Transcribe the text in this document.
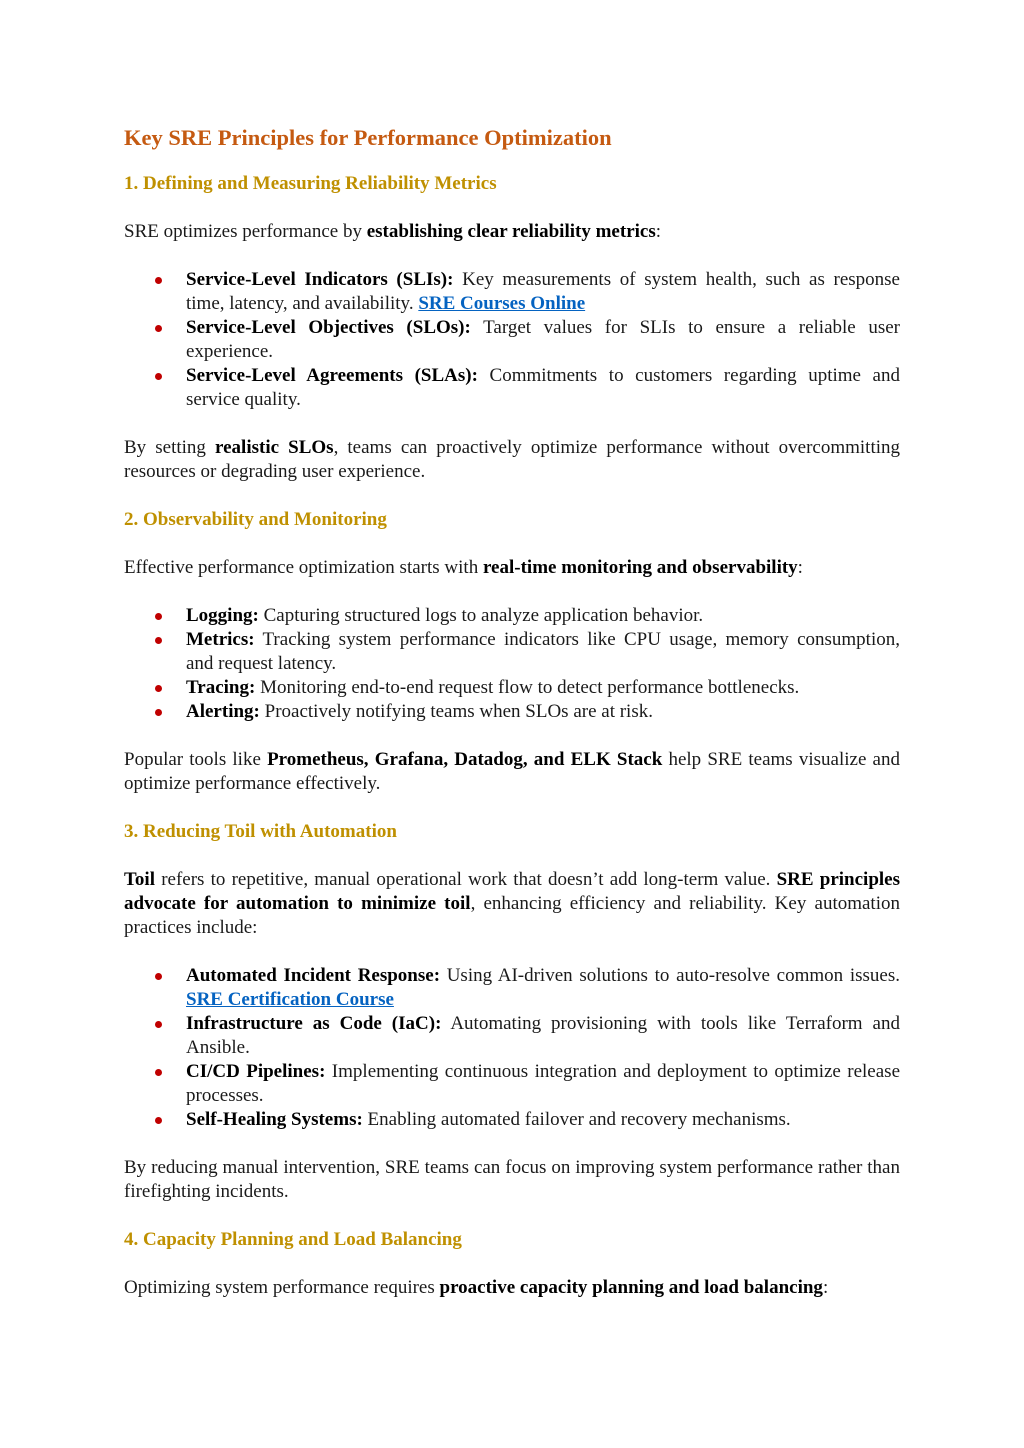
Key SRE Principles for Performance Optimization
1. Defining and Measuring Reliability Metrics

SRE optimizes performance by establishing clear reliability metrics:

Service-Level Indicators (SLIs): Key measurements of system health, such as response time, latency, and availability. SRE Courses Online
Service-Level Objectives (SLOs): Target values for SLIs to ensure a reliable user experience.
Service-Level Agreements (SLAs): Commitments to customers regarding uptime and service quality.

By setting realistic SLOs, teams can proactively optimize performance without overcommitting resources or degrading user experience.

2. Observability and Monitoring

Effective performance optimization starts with real-time monitoring and observability:

Logging: Capturing structured logs to analyze application behavior.
Metrics: Tracking system performance indicators like CPU usage, memory consumption, and request latency.
Tracing: Monitoring end-to-end request flow to detect performance bottlenecks.
Alerting: Proactively notifying teams when SLOs are at risk.

Popular tools like Prometheus, Grafana, Datadog, and ELK Stack help SRE teams visualize and optimize performance effectively.

3. Reducing Toil with Automation

Toil refers to repetitive, manual operational work that doesn’t add long-term value. SRE principles advocate for automation to minimize toil, enhancing efficiency and reliability. Key automation practices include:

Automated Incident Response: Using AI-driven solutions to auto-resolve common issues. SRE Certification Course
Infrastructure as Code (IaC): Automating provisioning with tools like Terraform and Ansible.
CI/CD Pipelines: Implementing continuous integration and deployment to optimize release processes.
Self-Healing Systems: Enabling automated failover and recovery mechanisms.

By reducing manual intervention, SRE teams can focus on improving system performance rather than firefighting incidents.

4. Capacity Planning and Load Balancing

Optimizing system performance requires proactive capacity planning and load balancing:
